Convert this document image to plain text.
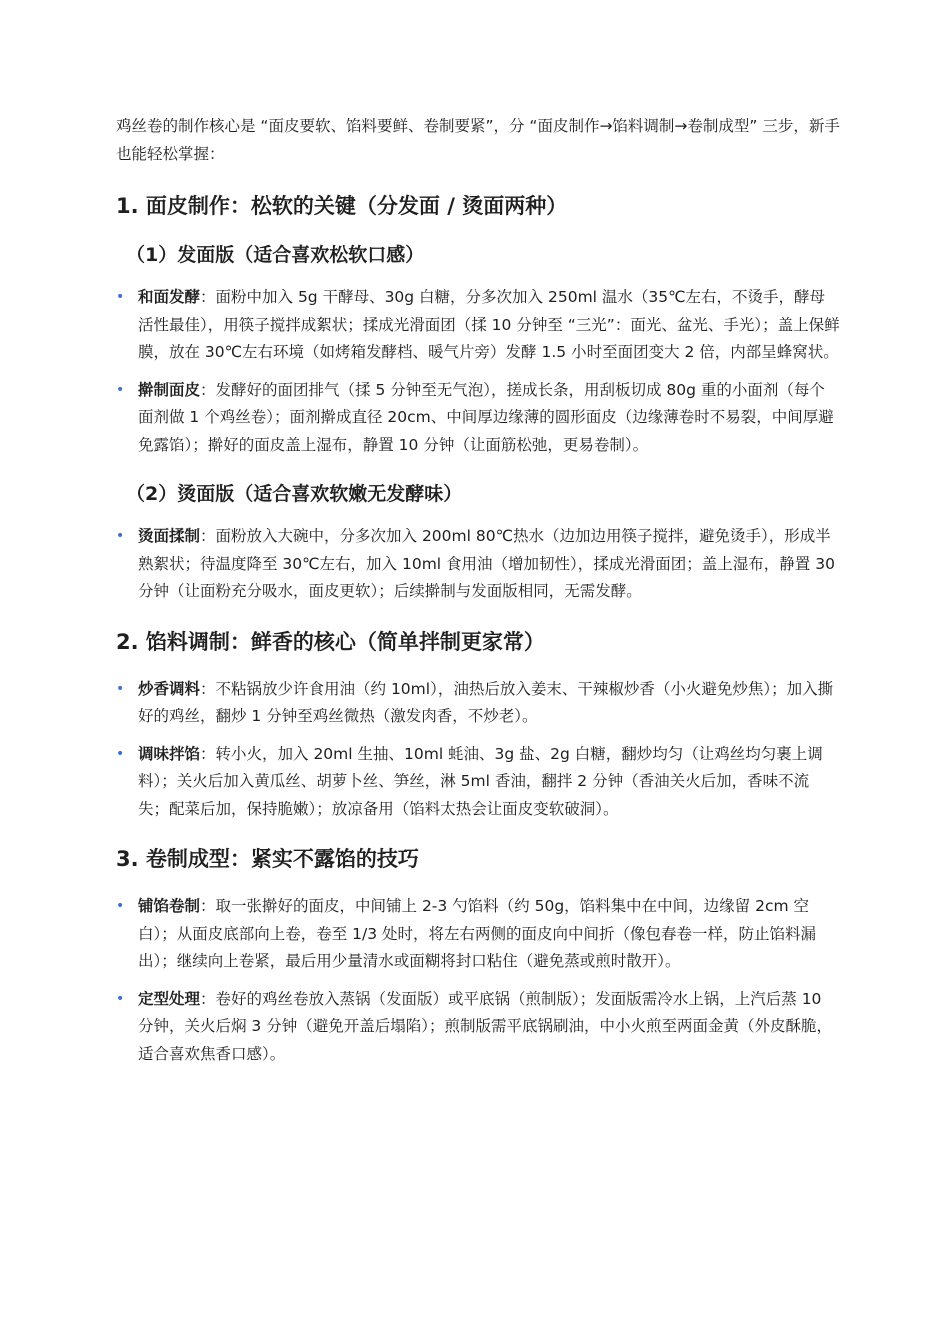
鸡丝卷的制作核心是 “面皮要软、馅料要鲜、卷制要紧”，分 “面皮制作→馅料调制→卷制成型” 三步，新手也能轻松掌握：

1. 面皮制作：松软的关键（分发面 / 烫面两种）
（1）发面版（适合喜欢松软口感）
• 和面发酵：面粉中加入 5g 干酵母、30g 白糖，分多次加入 250ml 温水（35℃左右，不烫手，酵母活性最佳），用筷子搅拌成絮状；揉成光滑面团（揉 10 分钟至 “三光”：面光、盆光、手光）；盖上保鲜膜，放在 30℃左右环境（如烤箱发酵档、暖气片旁）发酵 1.5 小时至面团变大 2 倍，内部呈蜂窝状。
• 擀制面皮：发酵好的面团排气（揉 5 分钟至无气泡），搓成长条，用刮板切成 80g 重的小面剂（每个面剂做 1 个鸡丝卷）；面剂擀成直径 20cm、中间厚边缘薄的圆形面皮（边缘薄卷时不易裂，中间厚避免露馅）；擀好的面皮盖上湿布，静置 10 分钟（让面筋松弛，更易卷制）。
（2）烫面版（适合喜欢软嫩无发酵味）
• 烫面揉制：面粉放入大碗中，分多次加入 200ml 80℃热水（边加边用筷子搅拌，避免烫手），形成半熟絮状；待温度降至 30℃左右，加入 10ml 食用油（增加韧性），揉成光滑面团；盖上湿布，静置 30 分钟（让面粉充分吸水，面皮更软）；后续擀制与发面版相同，无需发酵。
2. 馅料调制：鲜香的核心（简单拌制更家常）
• 炒香调料：不粘锅放少许食用油（约 10ml），油热后放入姜末、干辣椒炒香（小火避免炒焦）；加入撕好的鸡丝，翻炒 1 分钟至鸡丝微热（激发肉香，不炒老）。
• 调味拌馅：转小火，加入 20ml 生抽、10ml 蚝油、3g 盐、2g 白糖，翻炒均匀（让鸡丝均匀裹上调料）；关火后加入黄瓜丝、胡萝卜丝、笋丝，淋 5ml 香油，翻拌 2 分钟（香油关火后加，香味不流失；配菜后加，保持脆嫩）；放凉备用（馅料太热会让面皮变软破洞）。
3. 卷制成型：紧实不露馅的技巧
• 铺馅卷制：取一张擀好的面皮，中间铺上 2-3 勺馅料（约 50g，馅料集中在中间，边缘留 2cm 空白）；从面皮底部向上卷，卷至 1/3 处时，将左右两侧的面皮向中间折（像包春卷一样，防止馅料漏出）；继续向上卷紧，最后用少量清水或面糊将封口粘住（避免蒸或煎时散开）。
• 定型处理：卷好的鸡丝卷放入蒸锅（发面版）或平底锅（煎制版）；发面版需冷水上锅，上汽后蒸 10 分钟，关火后焖 3 分钟（避免开盖后塌陷）；煎制版需平底锅刷油，中小火煎至两面金黄（外皮酥脆，适合喜欢焦香口感）。
